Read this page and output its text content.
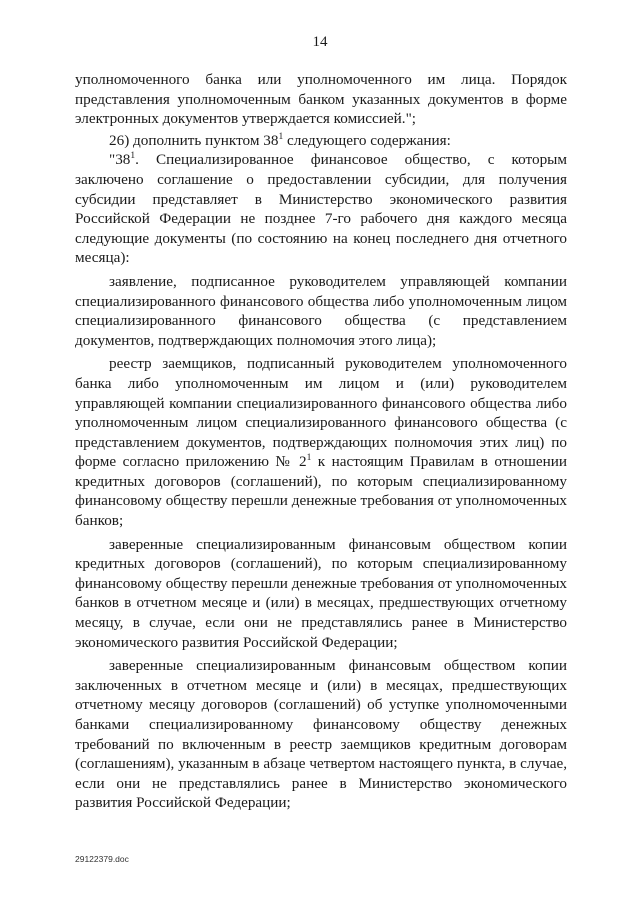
14

уполномоченного банка или уполномоченного им лица. Порядок представления уполномоченным банком указанных документов в форме электронных документов утверждается комиссией.";

26) дополнить пунктом $38^1$ следующего содержания:

"$38^1$. Специализированное финансовое общество, с которым заключено соглашение о предоставлении субсидии, для получения субсидии представляет в Министерство экономического развития Российской Федерации не позднее 7-го рабочего дня каждого месяца следующие документы (по состоянию на конец последнего дня отчетного месяца):

заявление, подписанное руководителем управляющей компании специализированного финансового общества либо уполномоченным лицом специализированного финансового общества (с представлением документов, подтверждающих полномочия этого лица);

реестр заемщиков, подписанный руководителем уполномоченного банка либо уполномоченным им лицом и (или) руководителем управляющей компании специализированного финансового общества либо уполномоченным лицом специализированного финансового общества (с представлением документов, подтверждающих полномочия этих лиц) по форме согласно приложению № $2^1$ к настоящим Правилам в отношении кредитных договоров (соглашений), по которым специализированному финансовому обществу перешли денежные требования от уполномоченных банков;

заверенные специализированным финансовым обществом копии кредитных договоров (соглашений), по которым специализированному финансовому обществу перешли денежные требования от уполномоченных банков в отчетном месяце и (или) в месяцах, предшествующих отчетному месяцу, в случае, если они не представлялись ранее в Министерство экономического развития Российской Федерации;

заверенные специализированным финансовым обществом копии заключенных в отчетном месяце и (или) в месяцах, предшествующих отчетному месяцу договоров (соглашений) об уступке уполномоченными банками специализированному финансовому обществу денежных требований по включенным в реестр заемщиков кредитным договорам (соглашениям), указанным в абзаце четвертом настоящего пункта, в случае, если они не представлялись ранее в Министерство экономического развития Российской Федерации;

29122379.doc
